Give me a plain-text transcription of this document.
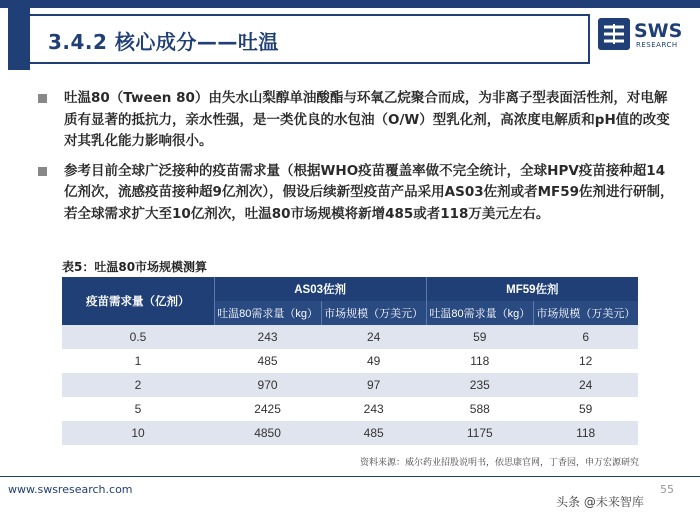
3.4.2 核心成分——吐温	SWS
RESEARCH
吐温80（Tween 80）由失水山梨醇单油酸酯与环氧乙烷聚合而成，为非离子型表面活性剂，对电解质有显著的抵抗力，亲水性强，是一类优良的水包油（O/W）型乳化剂，高浓度电解质和pH值的改变对其乳化能力影响很小。
参考目前全球广泛接种的疫苗需求量（根据WHO疫苗覆盖率做不完全统计，全球HPV疫苗接种超14亿剂次，流感疫苗接种超9亿剂次），假设后续新型疫苗产品采用AS03佐剂或者MF59佐剂进行研制，若全球需求扩大至10亿剂次，吐温80市场规模将新增485或者118万美元左右。
表5：吐温80市场规模测算
疫苗需求量（亿剂）	AS03佐剂		MF59佐剂	
	吐温80需求量（kg）	市场规模（万美元）	吐温80需求量（kg）	市场规模（万美元）
0.5	243	24	59	6
1	485	49	118	12
2	970	97	235	24
5	2425	243	588	59
10	4850	485	1175	118
资料来源：威尔药业招股说明书，依思康官网，丁香园，申万宏源研究
www.swsresearch.com	55
头条 @未来智库
